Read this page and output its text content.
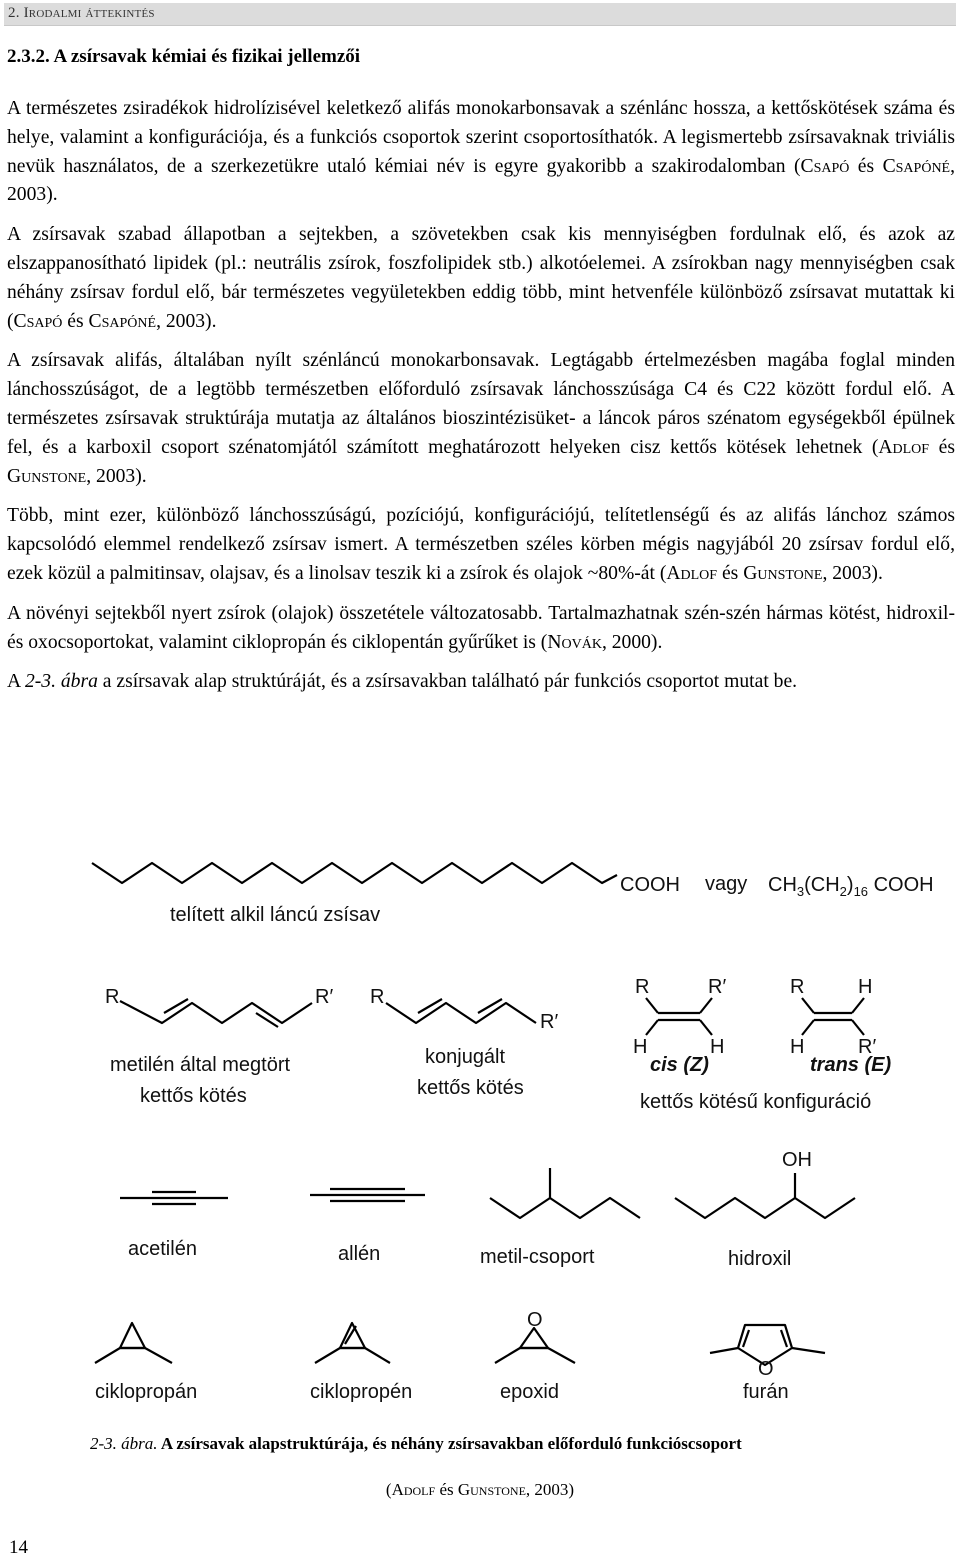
2. Irodalmi áttekintés
2.3.2. A zsírsavak kémiai és fizikai jellemzői

A természetes zsiradékok hidrolízisével keletkező alifás monokarbonsavak a szénlánc hossza, a kettőskötések száma és helye, valamint a konfigurációja, és a funkciós csoportok szerint csoportosíthatók. A legismertebb zsírsavaknak triviális nevük használatos, de a szerkezetükre utaló kémiai név is egyre gyakoribb a szakirodalomban (Csapó és Csapóné, 2003).

A zsírsavak szabad állapotban a sejtekben, a szövetekben csak kis mennyiségben fordulnak elő, és azok az elszappanosítható lipidek (pl.: neutrális zsírok, foszfolipidek stb.) alkotóelemei. A zsírokban nagy mennyiségben csak néhány zsírsav fordul elő, bár természetes vegyületekben eddig több, mint hetvenféle különböző zsírsavat mutattak ki (Csapó és Csapóné, 2003).

A zsírsavak alifás, általában nyílt szénláncú monokarbonsavak. Legtágabb értelmezésben magába foglal minden lánchosszúságot, de a legtöbb természetben előforduló zsírsavak lánchosszúsága C4 és C22 között fordul elő. A természetes zsírsavak struktúrája mutatja az általános bioszintézisüket- a láncok páros szénatom egységekből épülnek fel, és a karboxil csoport szénatomjától számított meghatározott helyeken cisz kettős kötések lehetnek (Adlof és Gunstone, 2003).

Több, mint ezer, különböző lánchosszúságú, pozíciójú, konfigurációjú, telítetlenségű és az alifás lánchoz számos kapcsolódó elemmel rendelkező zsírsav ismert. A természetben széles körben mégis nagyjából 20 zsírsav fordul elő, ezek közül a palmitinsav, olajsav, és a linolsav teszik ki a zsírok és olajok ~80%-át (Adlof és Gunstone, 2003).

A növényi sejtekből nyert zsírok (olajok) összetétele változatosabb. Tartalmazhatnak szén-szén hármas kötést, hidroxil- és oxocsoportokat, valamint ciklopropán és ciklopentán gyűrűket is (Novák, 2000).

A 2-3. ábra a zsírsavak alap struktúráját, és a zsírsavakban található pár funkciós csoportot mutat be.

COOH vagy $CH_3(CH_2)_{16}$ COOH
telített alkil láncú zsísav
R	R′
metilén által megtört
kettős kötés
R
R′
konjugált
kettős kötés
R	R′
H	H
cis (Z)
R	H
H	R′
trans (E)
kettős kötésű konfiguráció
acetilén	allén	metil-csoport
OH
hidroxil
ciklopropán	ciklopropén
O
epoxid
O
furán
2-3. ábra. A zsírsavak alapstruktúrája, és néhány zsírsavakban előforduló funkcióscsoport
(Adolf és Gunstone, 2003)
14
